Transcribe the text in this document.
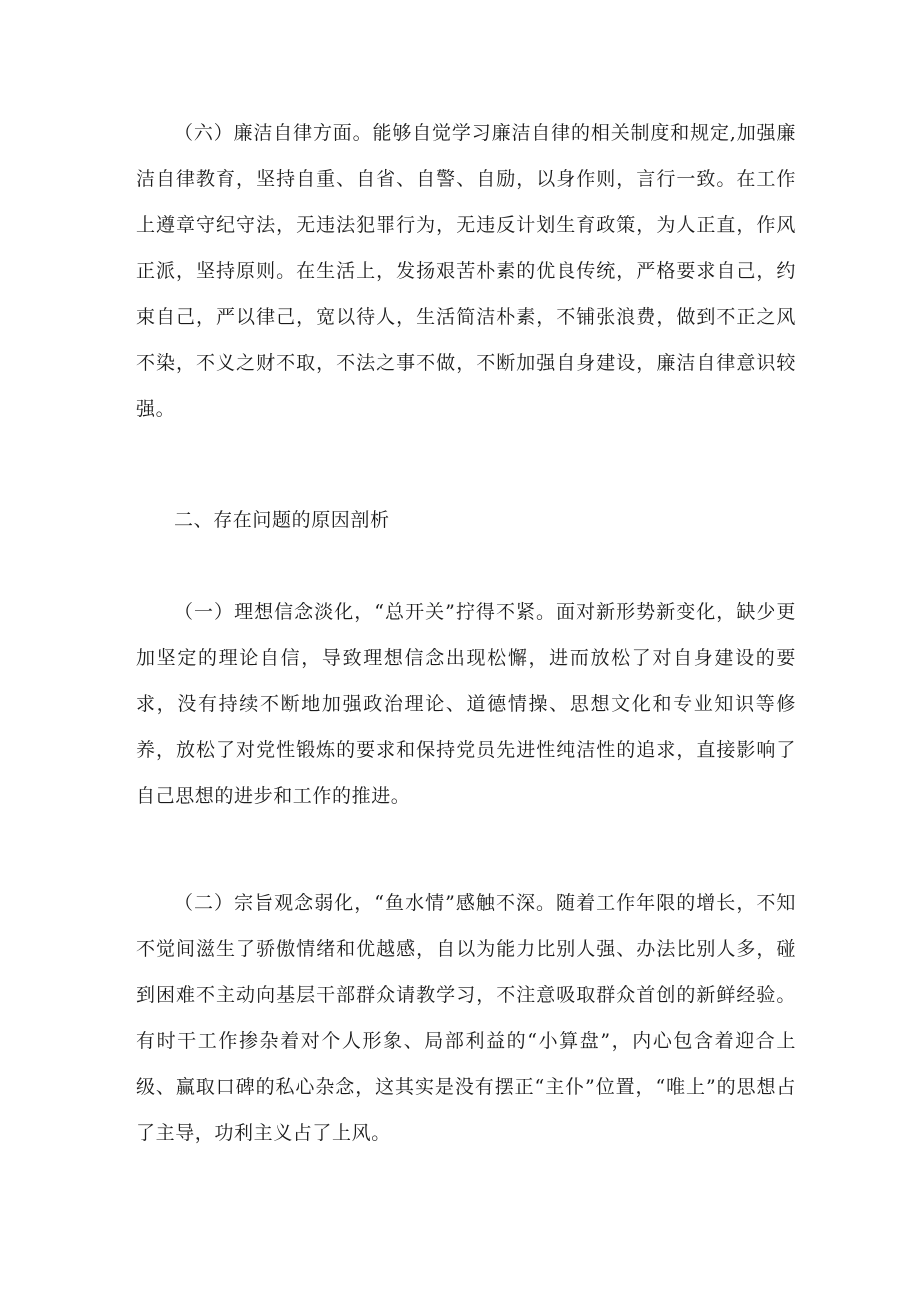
（六）廉洁自律方面。能够自觉学习廉洁自律的相关制度和规定,加强廉洁自律教育，坚持自重、自省、自警、自励，以身作则，言行一致。在工作上遵章守纪守法，无违法犯罪行为，无违反计划生育政策，为人正直，作风正派，坚持原则。在生活上，发扬艰苦朴素的优良传统，严格要求自己，约束自己，严以律己，宽以待人，生活简洁朴素，不铺张浪费，做到不正之风不染，不义之财不取，不法之事不做，不断加强自身建设，廉洁自律意识较强。

二、存在问题的原因剖析

（一）理想信念淡化，“总开关”拧得不紧。面对新形势新变化，缺少更加坚定的理论自信，导致理想信念出现松懈，进而放松了对自身建设的要求，没有持续不断地加强政治理论、道德情操、思想文化和专业知识等修养，放松了对党性锻炼的要求和保持党员先进性纯洁性的追求，直接影响了自己思想的进步和工作的推进。

（二）宗旨观念弱化，“鱼水情”感触不深。随着工作年限的增长，不知不觉间滋生了骄傲情绪和优越感，自以为能力比别人强、办法比别人多，碰到困难不主动向基层干部群众请教学习，不注意吸取群众首创的新鲜经验。有时干工作掺杂着对个人形象、局部利益的“小算盘”，内心包含着迎合上级、赢取口碑的私心杂念，这其实是没有摆正“主仆”位置，“唯上”的思想占了主导，功利主义占了上风。
